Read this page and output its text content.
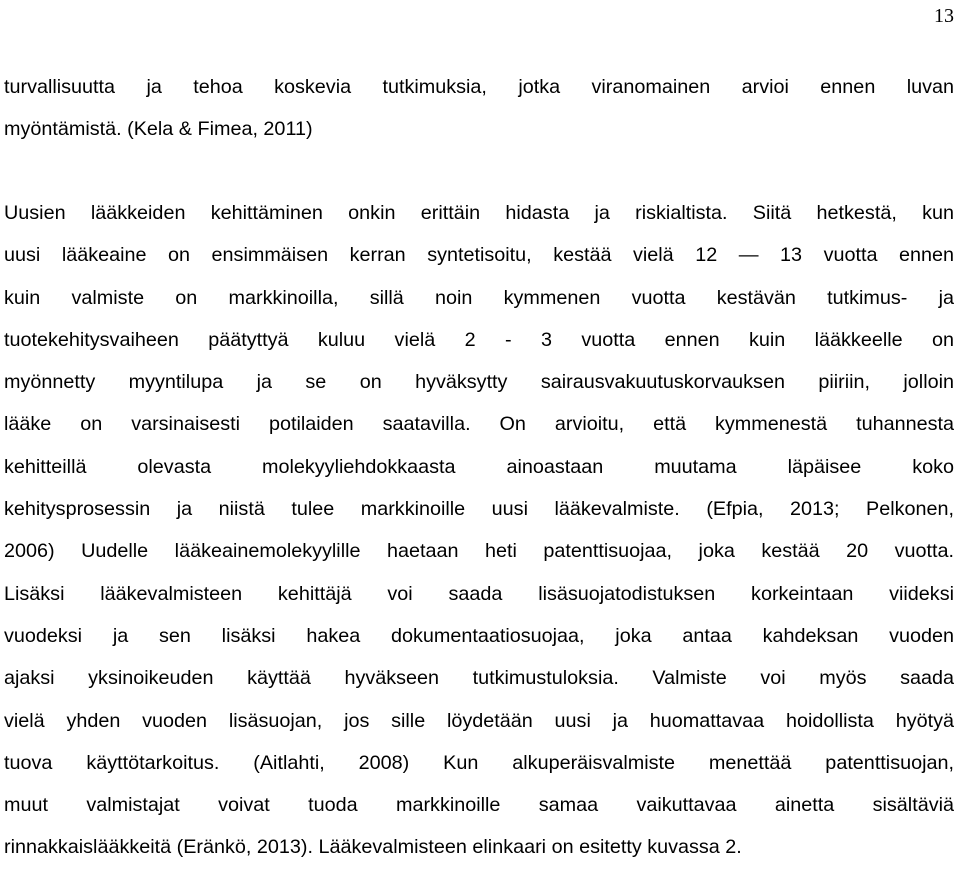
13
turvallisuutta ja tehoa koskevia tutkimuksia, jotka viranomainen arvioi ennen luvan
myöntämistä. (Kela & Fimea, 2011)
Uusien lääkkeiden kehittäminen onkin erittäin hidasta ja riskialtista. Siitä hetkestä, kun
uusi lääkeaine on ensimmäisen kerran syntetisoitu, kestää vielä 12 — 13 vuotta ennen
kuin valmiste on markkinoilla, sillä noin kymmenen vuotta kestävän tutkimus- ja
tuotekehitysvaiheen päätyttyä kuluu vielä 2 - 3 vuotta ennen kuin lääkkeelle on
myönnetty myyntilupa ja se on hyväksytty sairausvakuutuskorvauksen piiriin, jolloin
lääke on varsinaisesti potilaiden saatavilla. On arvioitu, että kymmenestä tuhannesta
kehitteillä olevasta molekyyliehdokkaasta ainoastaan muutama läpäisee koko
kehitysprosessin ja niistä tulee markkinoille uusi lääkevalmiste. (Efpia, 2013; Pelkonen,
2006) Uudelle lääkeainemolekyylille haetaan heti patenttisuojaa, joka kestää 20 vuotta.
Lisäksi lääkevalmisteen kehittäjä voi saada lisäsuojatodistuksen korkeintaan viideksi
vuodeksi ja sen lisäksi hakea dokumentaatiosuojaa, joka antaa kahdeksan vuoden
ajaksi yksinoikeuden käyttää hyväkseen tutkimustuloksia. Valmiste voi myös saada
vielä yhden vuoden lisäsuojan, jos sille löydetään uusi ja huomattavaa hoidollista hyötyä
tuova käyttötarkoitus. (Aitlahti, 2008) Kun alkuperäisvalmiste menettää patenttisuojan,
muut valmistajat voivat tuoda markkinoille samaa vaikuttavaa ainetta sisältäviä
rinnakkaislääkkeitä (Eränkö, 2013). Lääkevalmisteen elinkaari on esitetty kuvassa 2.
